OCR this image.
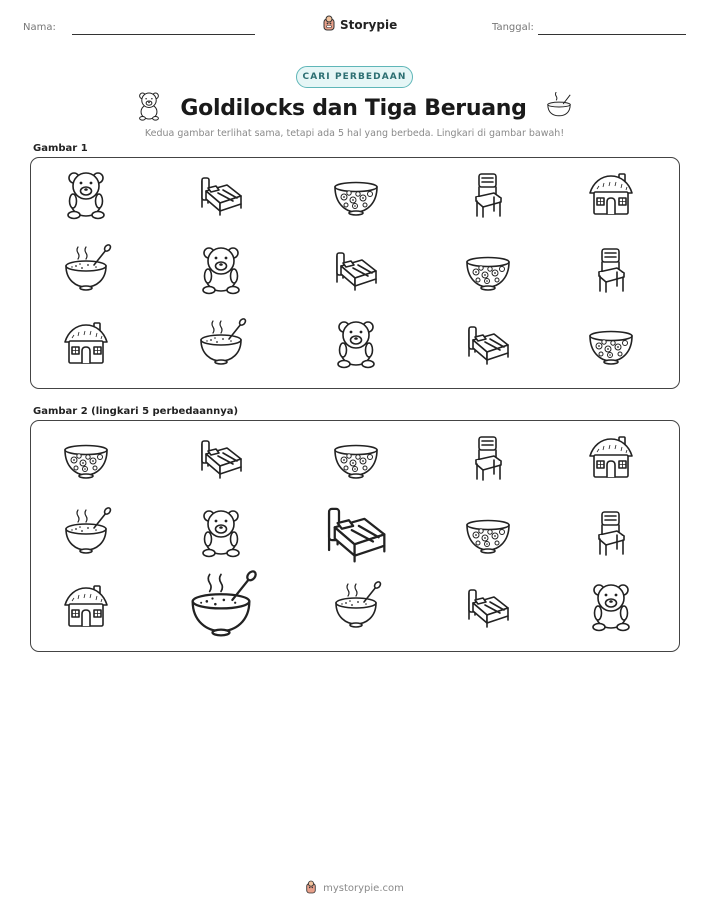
Nama:	Storypie	Tanggal:
CARI PERBEDAAN
Goldilocks dan Tiga Beruang
Kedua gambar terlihat sama, tetapi ada 5 hal yang berbeda. Lingkari di gambar bawah!
Gambar 1
Gambar 2 (lingkari 5 perbedaannya)
mystorypie.com
